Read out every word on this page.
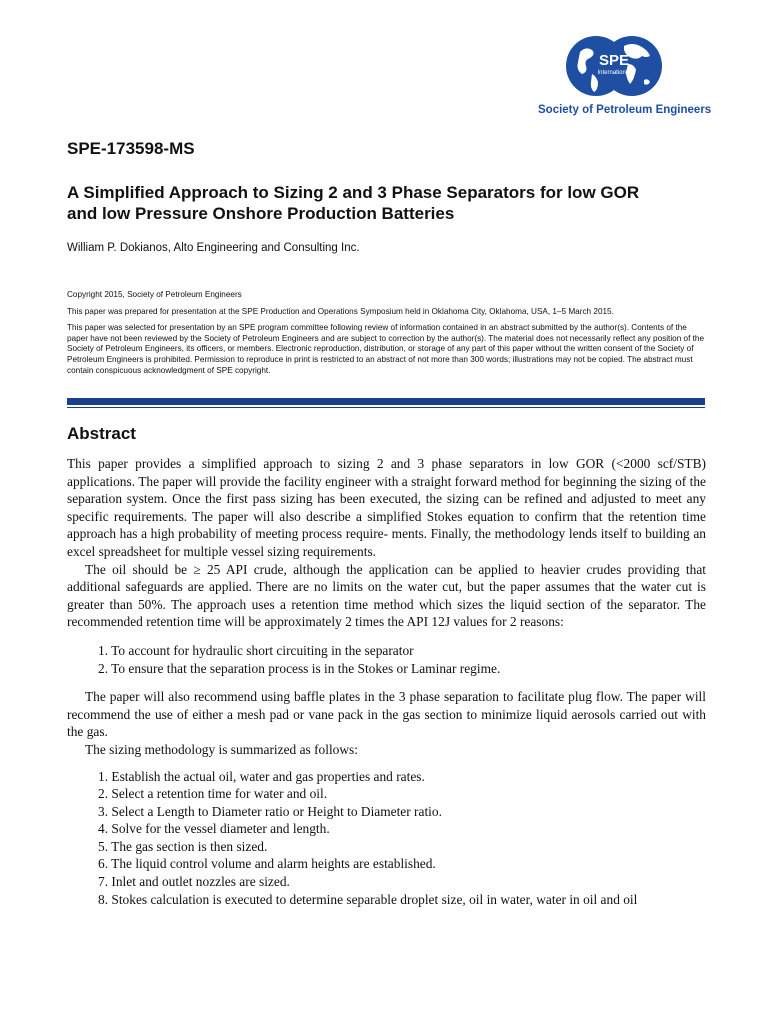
SPE
International
Society of Petroleum Engineers
SPE-173598-MS
A Simplified Approach to Sizing 2 and 3 Phase Separators for low GOR
and low Pressure Onshore Production Batteries
William P. Dokianos, Alto Engineering and Consulting Inc.

Copyright 2015, Society of Petroleum Engineers

This paper was prepared for presentation at the SPE Production and Operations Symposium held in Oklahoma City, Oklahoma, USA, 1–5 March 2015.

This paper was selected for presentation by an SPE program committee following review of information contained in an abstract submitted by the author(s). Contents of the paper have not been reviewed by the Society of Petroleum Engineers and are subject to correction by the author(s). The material does not necessarily reflect any position of the Society of Petroleum Engineers, its officers, or members. Electronic reproduction, distribution, or storage of any part of this paper without the written consent of the Society of Petroleum Engineers is prohibited. Permission to reproduce in print is restricted to an abstract of not more than 300 words; illustrations may not be copied. The abstract must contain conspicuous acknowledgment of SPE copyright.

Abstract

This paper provides a simplified approach to sizing 2 and 3 phase separators in low GOR (<2000 scf/STB) applications. The paper will provide the facility engineer with a straight forward method for beginning the sizing of the separation system. Once the first pass sizing has been executed, the sizing can be refined and adjusted to meet any specific requirements. The paper will also describe a simplified Stokes equation to confirm that the retention time approach has a high probability of meeting process require- ments. Finally, the methodology lends itself to building an excel spreadsheet for multiple vessel sizing requirements.

The oil should be ≥ 25 API crude, although the application can be applied to heavier crudes providing that additional safeguards are applied. There are no limits on the water cut, but the paper assumes that the water cut is greater than 50%. The approach uses a retention time method which sizes the liquid section of the separator. The recommended retention time will be approximately 2 times the API 12J values for 2 reasons:

1. To account for hydraulic short circuiting in the separator
2. To ensure that the separation process is in the Stokes or Laminar regime.

The paper will also recommend using baffle plates in the 3 phase separation to facilitate plug flow. The paper will recommend the use of either a mesh pad or vane pack in the gas section to minimize liquid aerosols carried out with the gas.

The sizing methodology is summarized as follows:

1. Establish the actual oil, water and gas properties and rates.
2. Select a retention time for water and oil.
3. Select a Length to Diameter ratio or Height to Diameter ratio.
4. Solve for the vessel diameter and length.
5. The gas section is then sized.
6. The liquid control volume and alarm heights are established.
7. Inlet and outlet nozzles are sized.
8. Stokes calculation is executed to determine separable droplet size, oil in water, water in oil and oil
